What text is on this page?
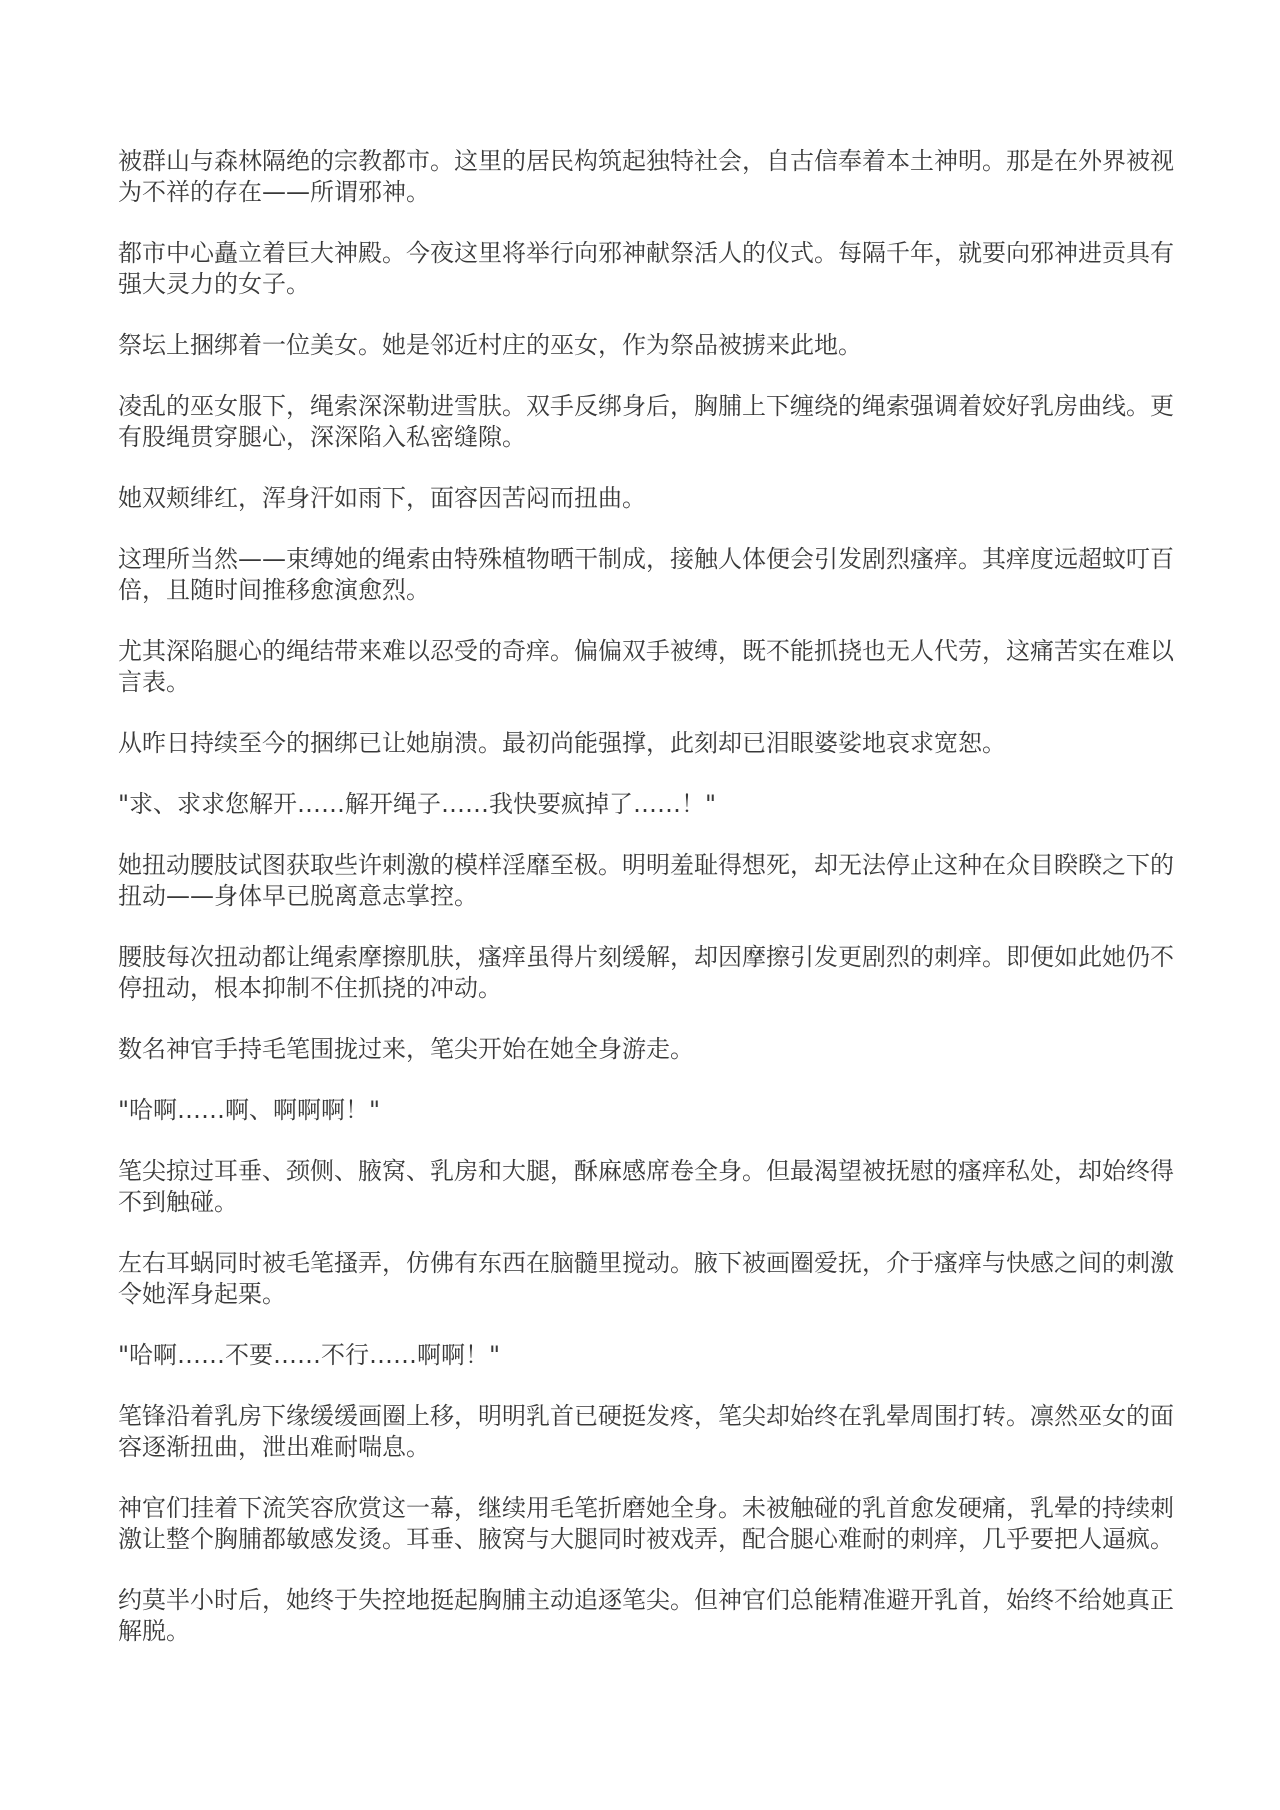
被群山与森林隔绝的宗教都市。这里的居民构筑起独特社会，自古信奉着本土神明。那是在外界被视为不祥的存在——所谓邪神。

都市中心矗立着巨大神殿。今夜这里将举行向邪神献祭活人的仪式。每隔千年，就要向邪神进贡具有强大灵力的女子。

祭坛上捆绑着一位美女。她是邻近村庄的巫女，作为祭品被掳来此地。

凌乱的巫女服下，绳索深深勒进雪肤。双手反绑身后，胸脯上下缠绕的绳索强调着姣好乳房曲线。更有股绳贯穿腿心，深深陷入私密缝隙。

她双颊绯红，浑身汗如雨下，面容因苦闷而扭曲。

这理所当然——束缚她的绳索由特殊植物晒干制成，接触人体便会引发剧烈瘙痒。其痒度远超蚊叮百倍，且随时间推移愈演愈烈。

尤其深陷腿心的绳结带来难以忍受的奇痒。偏偏双手被缚，既不能抓挠也无人代劳，这痛苦实在难以言表。

从昨日持续至今的捆绑已让她崩溃。最初尚能强撑，此刻却已泪眼婆娑地哀求宽恕。

"求、求求您解开……解开绳子……我快要疯掉了……！"

她扭动腰肢试图获取些许刺激的模样淫靡至极。明明羞耻得想死，却无法停止这种在众目睽睽之下的扭动——身体早已脱离意志掌控。

腰肢每次扭动都让绳索摩擦肌肤，瘙痒虽得片刻缓解，却因摩擦引发更剧烈的刺痒。即便如此她仍不停扭动，根本抑制不住抓挠的冲动。

数名神官手持毛笔围拢过来，笔尖开始在她全身游走。

"哈啊……啊、啊啊啊！"

笔尖掠过耳垂、颈侧、腋窝、乳房和大腿，酥麻感席卷全身。但最渴望被抚慰的瘙痒私处，却始终得不到触碰。

左右耳蜗同时被毛笔搔弄，仿佛有东西在脑髓里搅动。腋下被画圈爱抚，介于瘙痒与快感之间的刺激令她浑身起栗。

"哈啊……不要……不行……啊啊！"

笔锋沿着乳房下缘缓缓画圈上移，明明乳首已硬挺发疼，笔尖却始终在乳晕周围打转。凛然巫女的面容逐渐扭曲，泄出难耐喘息。

神官们挂着下流笑容欣赏这一幕，继续用毛笔折磨她全身。未被触碰的乳首愈发硬痛，乳晕的持续刺激让整个胸脯都敏感发烫。耳垂、腋窝与大腿同时被戏弄，配合腿心难耐的刺痒，几乎要把人逼疯。

约莫半小时后，她终于失控地挺起胸脯主动追逐笔尖。但神官们总能精准避开乳首，始终不给她真正解脱。
